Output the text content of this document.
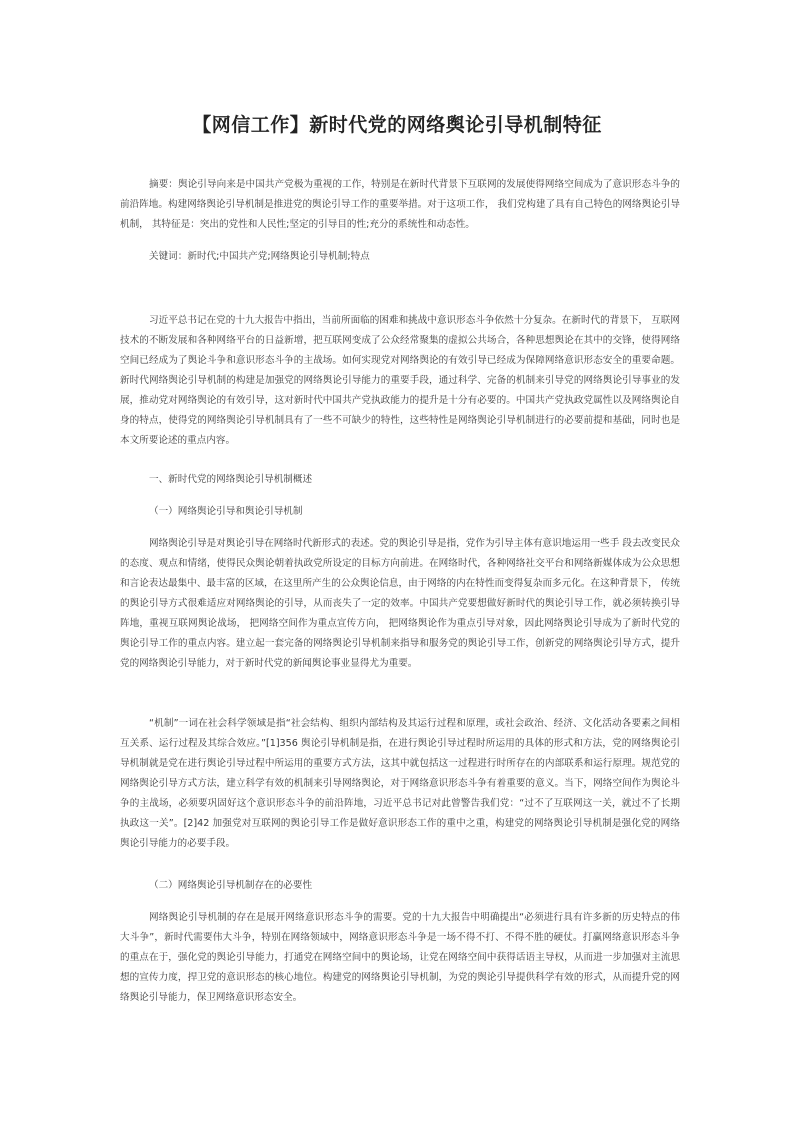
【网信工作】新时代党的网络舆论引导机制特征
摘要：舆论引导向来是中国共产党极为重视的工作，特别是在新时代背景下互联网的发展使得网络空间成为了意识形态斗争的前沿阵地。构建网络舆论引导机制是推进党的舆论引导工作的重要举措。对于这项工作， 我们党构建了具有自己特色的网络舆论引导机制， 其特征是：突出的党性和人民性;坚定的引导目的性;充分的系统性和动态性。
关键词：新时代;中国共产党;网络舆论引导机制;特点
习近平总书记在党的十九大报告中指出，当前所面临的困难和挑战中意识形态斗争依然十分复杂。在新时代的背景下， 互联网技术的不断发展和各种网络平台的日益新增，把互联网变成了公众经常聚集的虚拟公共场合，各种思想舆论在其中的交锋，使得网络空间已经成为了舆论斗争和意识形态斗争的主战场。如何实现党对网络舆论的有效引导已经成为保障网络意识形态安全的重要命题。新时代网络舆论引导机制的构建是加强党的网络舆论引导能力的重要手段，通过科学、完备的机制来引导党的网络舆论引导事业的发展，推动党对网络舆论的有效引导，这对新时代中国共产党执政能力的提升是十分有必要的。中国共产党执政党属性以及网络舆论自身的特点，使得党的网络舆论引导机制具有了一些不可缺少的特性，这些特性是网络舆论引导机制进行的必要前提和基础，同时也是本文所要论述的重点内容。
一、新时代党的网络舆论引导机制概述
（一）网络舆论引导和舆论引导机制
网络舆论引导是对舆论引导在网络时代新形式的表述。党的舆论引导是指，党作为引导主体有意识地运用一些手 段去改变民众的态度、观点和情绪，使得民众舆论朝着执政党所设定的目标方向前进。在网络时代，各种网络社交平台和网络新媒体成为公众思想和言论表达最集中、最丰富的区域，在这里所产生的公众舆论信息，由于网络的内在特性而变得复杂而多元化。在这种背景下， 传统的舆论引导方式很难适应对网络舆论的引导，从而丧失了一定的效率。中国共产党要想做好新时代的舆论引导工作，就必须转换引导阵地，重视互联网舆论战场， 把网络空间作为重点宣传方向， 把网络舆论作为重点引导对象，因此网络舆论引导成为了新时代党的舆论引导工作的重点内容。建立起一套完备的网络舆论引导机制来指导和服务党的舆论引导工作，创新党的网络舆论引导方式，提升党的网络舆论引导能力，对于新时代党的新闻舆论事业显得尤为重要。
“机制”一词在社会科学领域是指“社会结构、组织内部结构及其运行过程和原理，或社会政治、经济、文化活动各要素之间相互关系、运行过程及其综合效应。”[1]356 舆论引导机制是指，在进行舆论引导过程时所运用的具体的形式和方法，党的网络舆论引导机制就是党在进行舆论引导过程中所运用的重要方式方法，这其中就包括这一过程进行时所存在的内部联系和运行原理。规范党的网络舆论引导方式方法，建立科学有效的机制来引导网络舆论，对于网络意识形态斗争有着重要的意义。当下，网络空间作为舆论斗争的主战场，必须要巩固好这个意识形态斗争的前沿阵地，习近平总书记对此曾警告我们党：“过不了互联网这一关，就过不了长期执政这一关”。[2]42 加强党对互联网的舆论引导工作是做好意识形态工作的重中之重，构建党的网络舆论引导机制是强化党的网络舆论引导能力的必要手段。
（二）网络舆论引导机制存在的必要性
网络舆论引导机制的存在是展开网络意识形态斗争的需要。党的十九大报告中明确提出“必须进行具有许多新的历史特点的伟大斗争”，新时代需要伟大斗争，特别在网络领域中，网络意识形态斗争是一场不得不打、不得不胜的硬仗。打赢网络意识形态斗争的重点在于，强化党的舆论引导能力，打通党在网络空间中的舆论场，让党在网络空间中获得话语主导权，从而进一步加强对主流思想的宣传力度，捍卫党的意识形态的核心地位。构建党的网络舆论引导机制，为党的舆论引导提供科学有效的形式，从而提升党的网络舆论引导能力，保卫网络意识形态安全。
